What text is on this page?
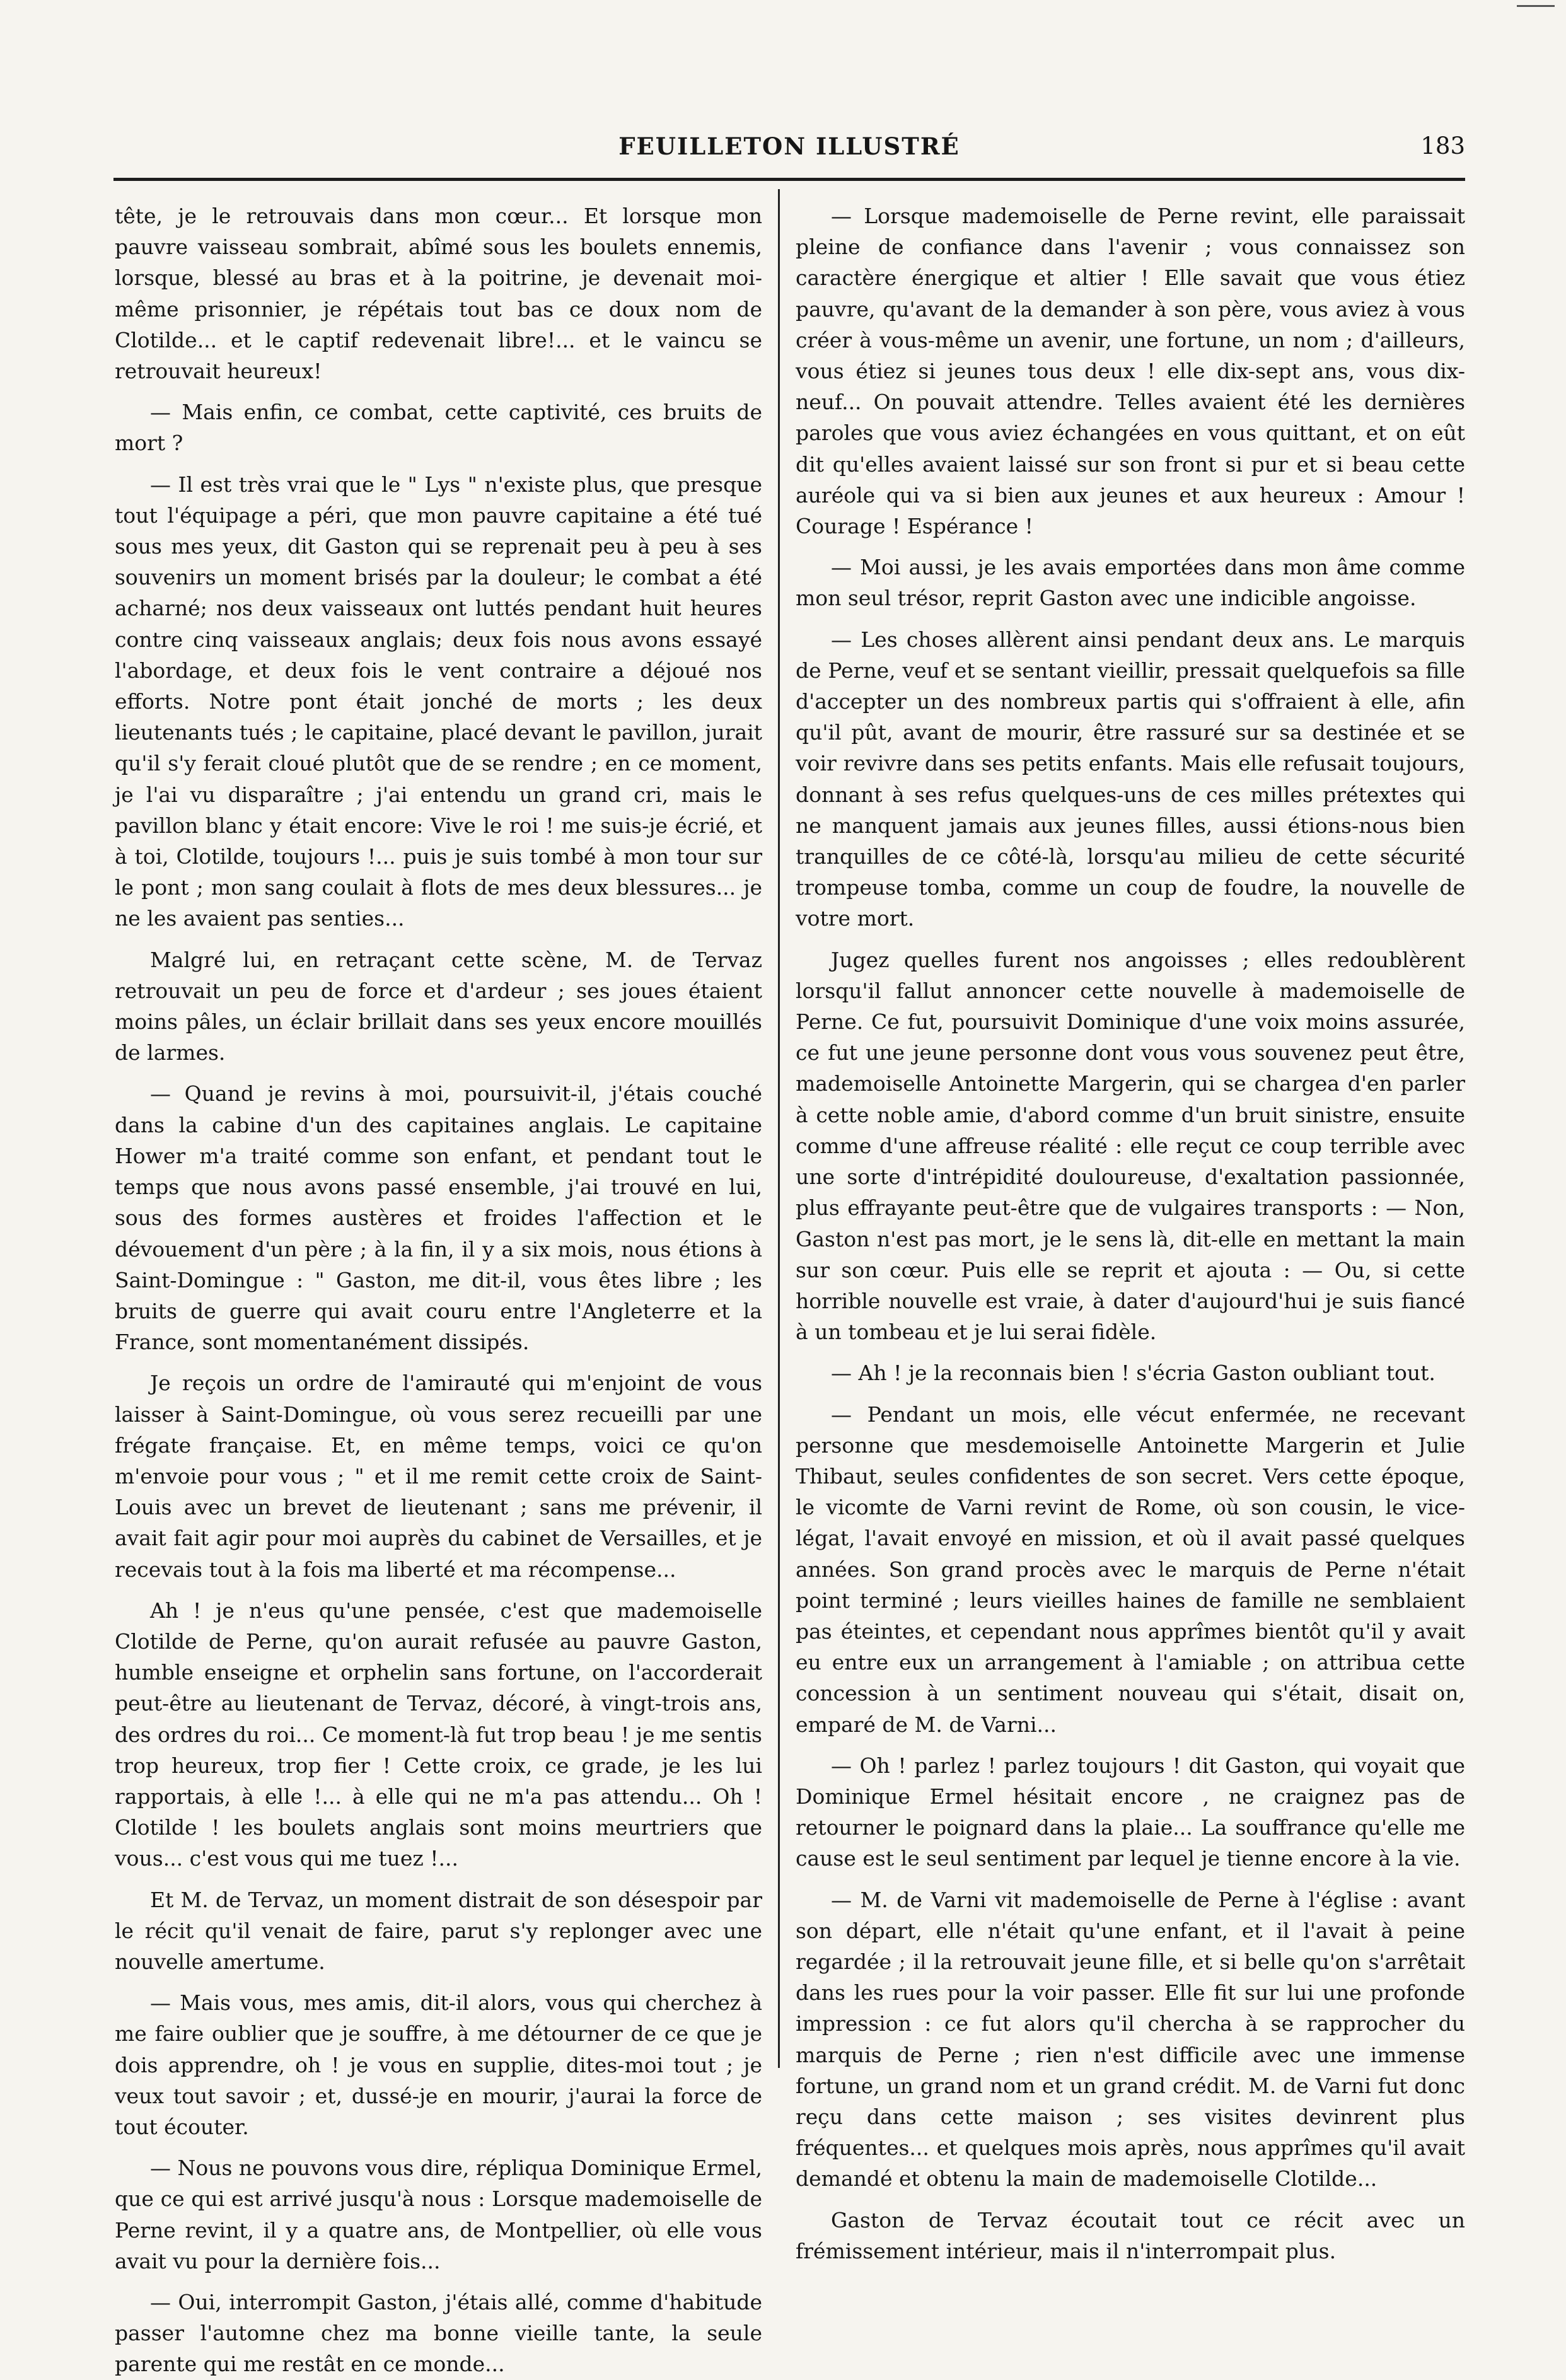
FEUILLETON ILLUSTRÉ	183

tête, je le retrouvais dans mon cœur... Et lorsque mon pauvre vaisseau sombrait, abîmé sous les boulets ennemis, lorsque, blessé au bras et à la poitrine, je devenait moi-même prisonnier, je répétais tout bas ce doux nom de Clotilde... et le captif redevenait libre!... et le vaincu se retrouvait heureux!

— Mais enfin, ce combat, cette captivité, ces bruits de mort ?

— Il est très vrai que le " Lys " n'existe plus, que presque tout l'équipage a péri, que mon pauvre capitaine a été tué sous mes yeux, dit Gaston qui se reprenait peu à peu à ses souvenirs un moment brisés par la douleur; le combat a été acharné; nos deux vaisseaux ont luttés pendant huit heures contre cinq vaisseaux anglais; deux fois nous avons essayé l'abordage, et deux fois le vent contraire a déjoué nos efforts. Notre pont était jonché de morts ; les deux lieutenants tués ; le capitaine, placé devant le pavillon, jurait qu'il s'y ferait cloué plutôt que de se rendre ; en ce moment, je l'ai vu disparaître ; j'ai entendu un grand cri, mais le pavillon blanc y était encore: Vive le roi ! me suis-je écrié, et à toi, Clotilde, toujours !... puis je suis tombé à mon tour sur le pont ; mon sang coulait à flots de mes deux blessures... je ne les avaient pas senties...

Malgré lui, en retraçant cette scène, M. de Tervaz retrouvait un peu de force et d'ardeur ; ses joues étaient moins pâles, un éclair brillait dans ses yeux encore mouillés de larmes.

— Quand je revins à moi, poursuivit-il, j'étais couché dans la cabine d'un des capitaines anglais. Le capitaine Hower m'a traité comme son enfant, et pendant tout le temps que nous avons passé ensemble, j'ai trouvé en lui, sous des formes austères et froides l'affection et le dévouement d'un père ; à la fin, il y a six mois, nous étions à Saint-Domingue : " Gaston, me dit-il, vous êtes libre ; les bruits de guerre qui avait couru entre l'Angleterre et la France, sont momentanément dissipés.

Je reçois un ordre de l'amirauté qui m'enjoint de vous laisser à Saint-Domingue, où vous serez recueilli par une frégate française. Et, en même temps, voici ce qu'on m'envoie pour vous ; " et il me remit cette croix de Saint-Louis avec un brevet de lieutenant ; sans me prévenir, il avait fait agir pour moi auprès du cabinet de Versailles, et je recevais tout à la fois ma liberté et ma récompense...

Ah ! je n'eus qu'une pensée, c'est que mademoiselle Clotilde de Perne, qu'on aurait refusée au pauvre Gaston, humble enseigne et orphelin sans fortune, on l'accorderait peut-être au lieutenant de Tervaz, décoré, à vingt-trois ans, des ordres du roi... Ce moment-là fut trop beau ! je me sentis trop heureux, trop fier ! Cette croix, ce grade, je les lui rapportais, à elle !... à elle qui ne m'a pas attendu... Oh ! Clotilde ! les boulets anglais sont moins meurtriers que vous... c'est vous qui me tuez !...

Et M. de Tervaz, un moment distrait de son désespoir par le récit qu'il venait de faire, parut s'y replonger avec une nouvelle amertume.

— Mais vous, mes amis, dit-il alors, vous qui cherchez à me faire oublier que je souffre, à me détourner de ce que je dois apprendre, oh ! je vous en supplie, dites-moi tout ; je veux tout savoir ; et, dussé-je en mourir, j'aurai la force de tout écouter.

— Nous ne pouvons vous dire, répliqua Dominique Ermel, que ce qui est arrivé jusqu'à nous : Lorsque mademoiselle de Perne revint, il y a quatre ans, de Montpellier, où elle vous avait vu pour la dernière fois...

— Oui, interrompit Gaston, j'étais allé, comme d'habitude passer l'automne chez ma bonne vieille tante, la seule parente qui me restât en ce monde...

— Lorsque mademoiselle de Perne revint, elle paraissait pleine de confiance dans l'avenir ; vous connaissez son caractère énergique et altier ! Elle savait que vous étiez pauvre, qu'avant de la demander à son père, vous aviez à vous créer à vous-même un avenir, une fortune, un nom ; d'ailleurs, vous étiez si jeunes tous deux ! elle dix-sept ans, vous dix-neuf... On pouvait attendre. Telles avaient été les dernières paroles que vous aviez échangées en vous quittant, et on eût dit qu'elles avaient laissé sur son front si pur et si beau cette auréole qui va si bien aux jeunes et aux heureux : Amour ! Courage ! Espérance !

— Moi aussi, je les avais emportées dans mon âme comme mon seul trésor, reprit Gaston avec une indicible angoisse.

— Les choses allèrent ainsi pendant deux ans. Le marquis de Perne, veuf et se sentant vieillir, pressait quelquefois sa fille d'accepter un des nombreux partis qui s'offraient à elle, afin qu'il pût, avant de mourir, être rassuré sur sa destinée et se voir revivre dans ses petits enfants. Mais elle refusait toujours, donnant à ses refus quelques-uns de ces milles prétextes qui ne manquent jamais aux jeunes filles, aussi étions-nous bien tranquilles de ce côté-là, lorsqu'au milieu de cette sécurité trompeuse tomba, comme un coup de foudre, la nouvelle de votre mort.

Jugez quelles furent nos angoisses ; elles redoublèrent lorsqu'il fallut annoncer cette nouvelle à mademoiselle de Perne. Ce fut, poursuivit Dominique d'une voix moins assurée, ce fut une jeune personne dont vous vous souvenez peut être, mademoiselle Antoinette Margerin, qui se chargea d'en parler à cette noble amie, d'abord comme d'un bruit sinistre, ensuite comme d'une affreuse réalité : elle reçut ce coup terrible avec une sorte d'intrépidité douloureuse, d'exaltation passionnée, plus effrayante peut-être que de vulgaires transports : — Non, Gaston n'est pas mort, je le sens là, dit-elle en mettant la main sur son cœur. Puis elle se reprit et ajouta : — Ou, si cette horrible nouvelle est vraie, à dater d'aujourd'hui je suis fiancé à un tombeau et je lui serai fidèle.

— Ah ! je la reconnais bien ! s'écria Gaston oubliant tout.

— Pendant un mois, elle vécut enfermée, ne recevant personne que mesdemoiselle Antoinette Margerin et Julie Thibaut, seules confidentes de son secret. Vers cette époque, le vicomte de Varni revint de Rome, où son cousin, le vice-légat, l'avait envoyé en mission, et où il avait passé quelques années. Son grand procès avec le marquis de Perne n'était point terminé ; leurs vieilles haines de famille ne semblaient pas éteintes, et cependant nous apprîmes bientôt qu'il y avait eu entre eux un arrangement à l'amiable ; on attribua cette concession à un sentiment nouveau qui s'était, disait on, emparé de M. de Varni...

— Oh ! parlez ! parlez toujours ! dit Gaston, qui voyait que Dominique Ermel hésitait encore , ne craignez pas de retourner le poignard dans la plaie... La souffrance qu'elle me cause est le seul sentiment par lequel je tienne encore à la vie.

— M. de Varni vit mademoiselle de Perne à l'église : avant son départ, elle n'était qu'une enfant, et il l'avait à peine regardée ; il la retrouvait jeune fille, et si belle qu'on s'arrêtait dans les rues pour la voir passer. Elle fit sur lui une profonde impression : ce fut alors qu'il chercha à se rapprocher du marquis de Perne ; rien n'est difficile avec une immense fortune, un grand nom et un grand crédit. M. de Varni fut donc reçu dans cette maison ; ses visites devinrent plus fréquentes... et quelques mois après, nous apprîmes qu'il avait demandé et obtenu la main de mademoiselle Clotilde...

Gaston de Tervaz écoutait tout ce récit avec un frémissement intérieur, mais il n'interrompait plus.
